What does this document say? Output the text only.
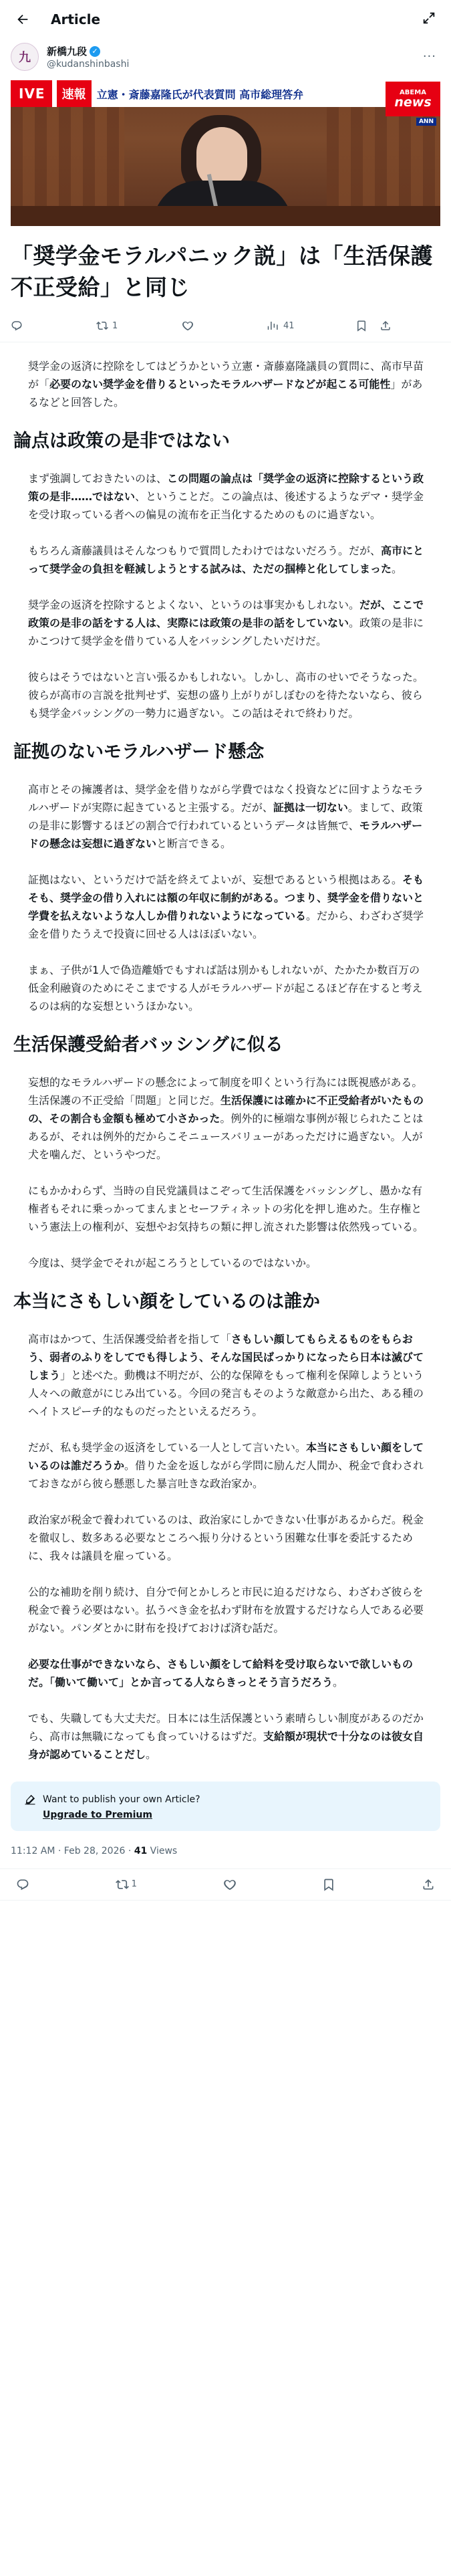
Article
九 新橋九段 ✓
@kudanshinbashi
···
IVE	速報	立憲・斎藤嘉隆氏が代表質問 高市総理答弁	ABEMA
news
ANN
「奨学金モラルパニック説」は「生活保護不正受給」と同じ
1	41

奨学金の返済に控除をしてはどうかという立憲・斎藤嘉隆議員の質問に、高市早苗が「必要のない奨学金を借りるといったモラルハザードなどが起こる可能性」があるなどと回答した。

論点は政策の是非ではない

まず強調しておきたいのは、この問題の論点は「奨学金の返済に控除するという政策の是非……ではない、ということだ。この論点は、後述するようなデマ・奨学金を受け取っている者への偏見の流布を正当化するためのものに過ぎない。

もちろん斎藤議員はそんなつもりで質問したわけではないだろう。だが、高市にとって奨学金の負担を軽減しようとする試みは、ただの掴棒と化してしまった。

奨学金の返済を控除するとよくない、というのは事実かもしれない。だが、ここで政策の是非の話をする人は、実際には政策の是非の話をしていない。政策の是非にかこつけて奨学金を借りている人をバッシングしたいだけだ。

彼らはそうではないと言い張るかもしれない。しかし、高市のせいでそうなった。彼らが高市の言説を批判せず、妄想の盛り上がりがしぼむのを待たないなら、彼らも奨学金バッシングの一勢力に過ぎない。この話はそれで終わりだ。

証拠のないモラルハザード懸念

高市とその擁護者は、奨学金を借りながら学費ではなく投資などに回すようなモラルハザードが実際に起きていると主張する。だが、証拠は一切ない。まして、政策の是非に影響するほどの割合で行われているというデータは皆無で、モラルハザードの懸念は妄想に過ぎないと断言できる。

証拠はない、というだけで話を終えてよいが、妄想であるという根拠はある。そもそも、奨学金の借り入れには額の年収に制約がある。つまり、奨学金を借りないと学費を払えないような人しか借りれないようになっている。だから、わざわざ奨学金を借りたうえで投資に回せる人はほぼいない。

まぁ、子供が1人で偽造離婚でもすれば話は別かもしれないが、たかたか数百万の低金利融資のためにそこまでする人がモラルハザードが起こるほど存在すると考えるのは病的な妄想というほかない。

生活保護受給者バッシングに似る

妄想的なモラルハザードの懸念によって制度を叩くという行為には既視感がある。生活保護の不正受給「問題」と同じだ。生活保護には確かに不正受給者がいたものの、その割合も金額も極めて小さかった。例外的に極端な事例が報じられたことはあるが、それは例外的だからこそニュースバリューがあっただけに過ぎない。人が犬を噛んだ、というやつだ。

にもかかわらず、当時の自民党議員はこぞって生活保護をバッシングし、愚かな有権者もそれに乗っかってまんまとセーフティネットの劣化を押し進めた。生存権という憲法上の権利が、妄想やお気持ちの類に押し流された影響は依然残っている。

今度は、奨学金でそれが起ころうとしているのではないか。

本当にさもしい顔をしているのは誰か

高市はかつて、生活保護受給者を指して「さもしい顔してもらえるものをもらおう、弱者のふりをしてでも得しよう、そんな国民ばっかりになったら日本は滅びてしまう」と述べた。動機は不明だが、公的な保障をもって権利を保障しようという人々への敵意がにじみ出ている。今回の発言もそのような敵意から出た、ある種のヘイトスピーチ的なものだったといえるだろう。

だが、私も奨学金の返済をしている一人として言いたい。本当にさもしい顔をしているのは誰だろうか。借りた金を返しながら学問に励んだ人間か、税金で食わされておきながら彼ら懸悪した暴言吐きな政治家か。

政治家が税金で養われているのは、政治家にしかできない仕事があるからだ。税金を徹収し、数多ある必要なところへ振り分けるという困難な仕事を委託するために、我々は議員を雇っている。

公的な補助を削り続け、自分で何とかしろと市民に迫るだけなら、わざわざ彼らを税金で養う必要はない。払うべき金を払わず財布を放置するだけなら人である必要がない。パンダとかに財布を投げておけば済む話だ。

必要な仕事ができないなら、さもしい顔をして給料を受け取らないで欲しいものだ。「働いて働いて」とか言ってる人ならきっとそう言うだろう。

でも、失職しても大丈夫だ。日本には生活保護という素晴らしい制度があるのだから、高市は無職になっても食っていけるはずだ。支給額が現状で十分なのは彼女自身が認めていることだし。

Want to publish your own Article?
Upgrade to Premium
11:12 AM · Feb 28, 2026 · 41 Views
1
